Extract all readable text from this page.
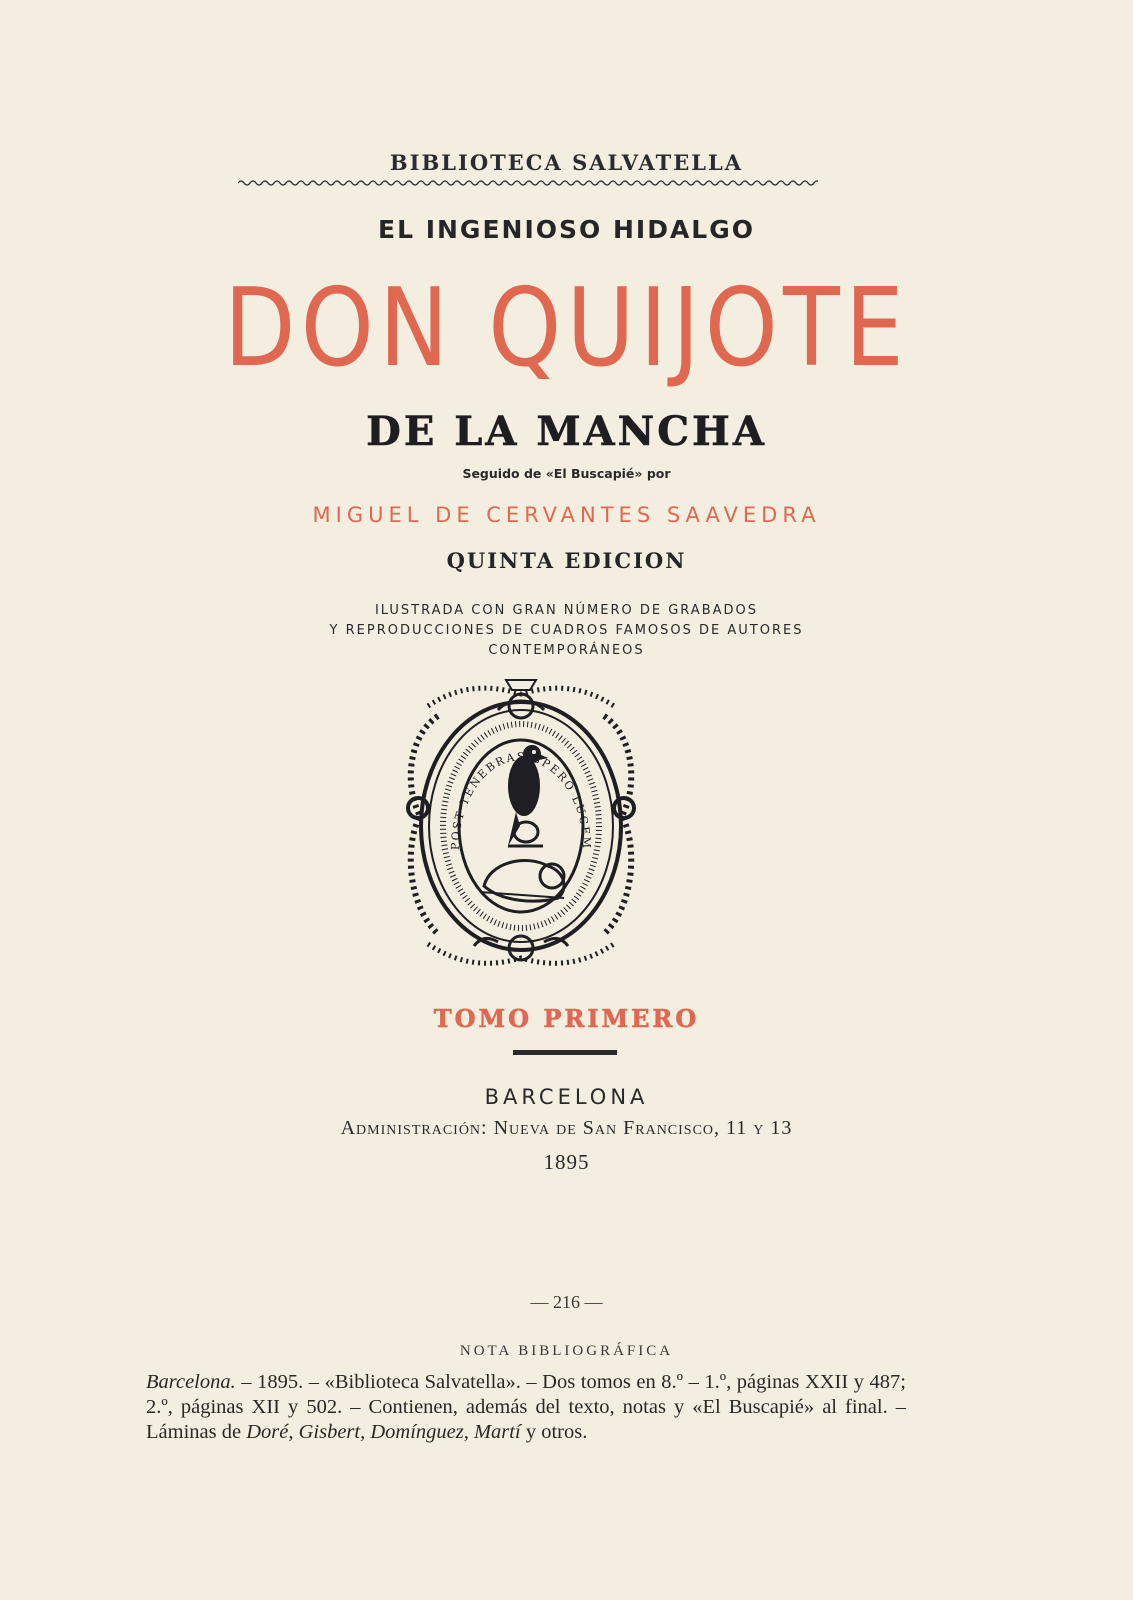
BIBLIOTECA SALVATELLA
EL INGENIOSO HIDALGO
DON QUIJOTE
DE LA MANCHA
Seguido de «El Buscapié» por
MIGUEL DE CERVANTES SAAVEDRA
QUINTA EDICION
ILUSTRADA CON GRAN NÚMERO DE GRABADOS
Y REPRODUCCIONES DE CUADROS FAMOSOS DE AUTORES
CONTEMPORÁNEOS
POST TENEBRAS SPERO LUCEM
TOMO PRIMERO
BARCELONA
Administración: Nueva de San Francisco, 11 y 13
1895
— 216 —
NOTA BIBLIOGRÁFICA
Barcelona. – 1895. – «Biblioteca Salvatella». – Dos tomos en 8.º – 1.º, páginas XXII y 487; 2.º, páginas XII y 502. – Contienen, además del texto, notas y «El Buscapié» al final. – Láminas de Doré, Gisbert, Domínguez, Martí y otros.
